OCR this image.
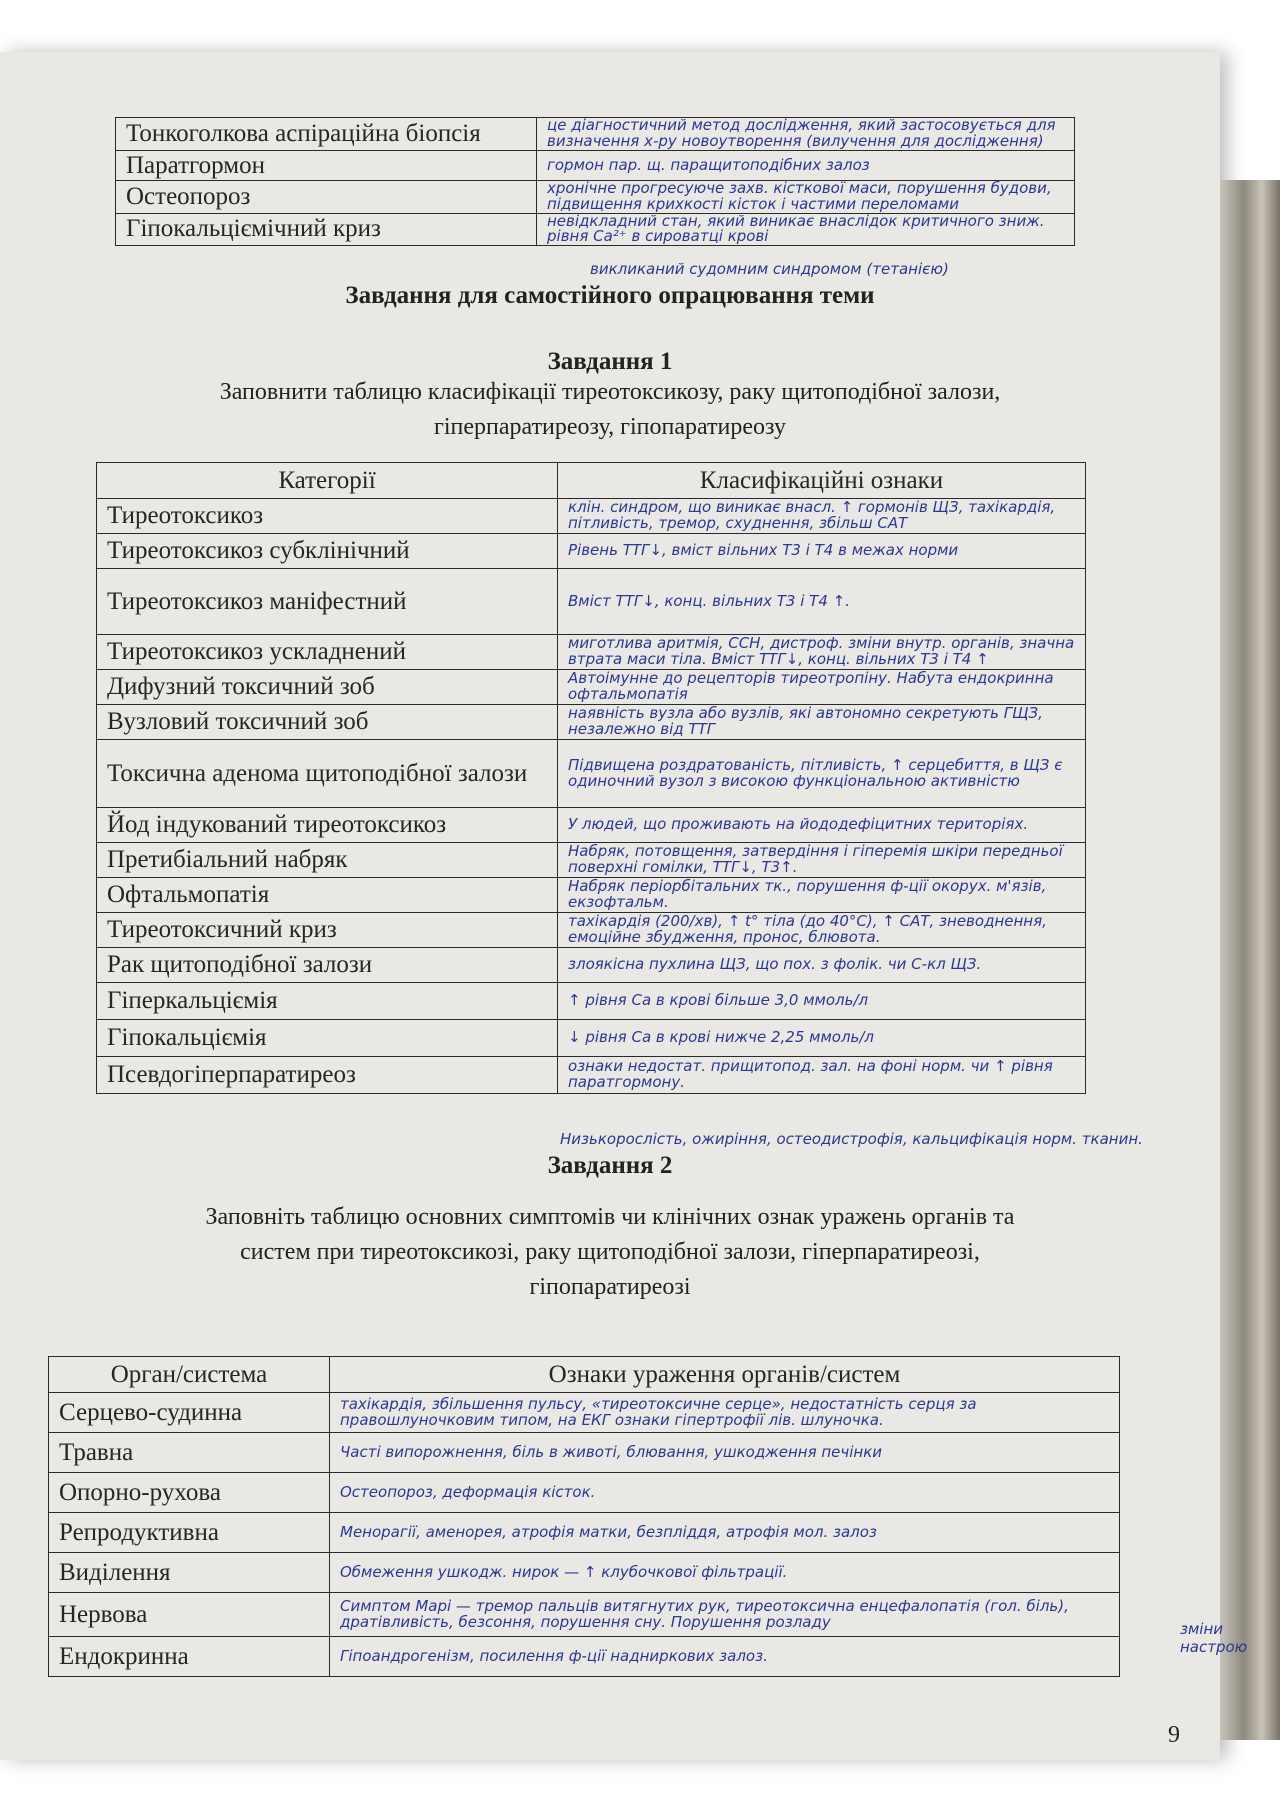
Тонкоголкова аспіраційна біопсія	це діагностичний метод дослідження, який застосовується для визначення х-ру новоутворення (вилучення для дослідження)
Паратгормон	гормон пар. щ. паращитоподібних залоз
Остеопороз	хронічне прогресуюче захв. кісткової маси, порушення будови, підвищення крихкості кісток і частими переломами
Гіпокальціємічний криз	невідкладний стан, який виникає внаслідок критичного зниж. рівня Ca²⁺ в сироватці крові
викликаний судомним синдромом (тетанією)
Завдання для самостійного опрацювання теми
Завдання 1
Заповнити таблицю класифікації тиреотоксикозу, раку щитоподібної залози,
гіперпаратиреозу, гіпопаратиреозу
Категорії	Класифікаційні ознаки
Тиреотоксикоз	клін. синдром, що виникає внасл. ↑ гормонів ЩЗ, тахікардія, пітливість, тремор, схуднення, збільш САТ
Тиреотоксикоз субклінічний	Рівень ТТГ↓, вміст вільних Т3 і Т4 в межах норми
Тиреотоксикоз маніфестний	Вміст ТТГ↓, конц. вільних Т3 і Т4 ↑.
Тиреотоксикоз ускладнений	миготлива аритмія, ССН, дистроф. зміни внутр. органів, значна втрата маси тіла. Вміст ТТГ↓, конц. вільних Т3 і Т4 ↑
Дифузний токсичний зоб	Автоімунне до рецепторів тиреотропіну. Набута ендокринна офтальмопатія
Вузловий токсичний зоб	наявність вузла або вузлів, які автономно секретують ГЩЗ, незалежно від ТТГ
Токсична аденома щитоподібної залози	Підвищена роздратованість, пітливість, ↑ серцебиття, в ЩЗ є одиночний вузол з високою функціональною активністю
Йод індукований тиреотоксикоз	У людей, що проживають на йододефіцитних територіях.
Претибіальний набряк	Набряк, потовщення, затвердіння і гіперемія шкіри передньої поверхні гомілки, ТТГ↓, Т3↑.
Офтальмопатія	Набряк періорбітальних тк., порушення ф-ції окорух. м'язів, екзофтальм.
Тиреотоксичний криз	тахікардія (200/хв), ↑ t° тіла (до 40°С), ↑ САТ, зневоднення, емоційне збудження, пронос, блювота.
Рак щитоподібної залози	злоякісна пухлина ЩЗ, що пох. з фолік. чи С-кл ЩЗ.
Гіперкальціємія	↑ рівня Са в крові більше 3,0 ммоль/л
Гіпокальціємія	↓ рівня Са в крові нижче 2,25 ммоль/л
Псевдогіперпаратиреоз	ознаки недостат. прищитопод. зал. на фоні норм. чи ↑ рівня паратгормону.
Низькорослість, ожиріння, остеодистрофія, кальцифікація норм. тканин.
Завдання 2
Заповніть таблицю основних симптомів чи клінічних ознак уражень органів та
систем при тиреотоксикозі, раку щитоподібної залози, гіперпаратиреозі,
гіпопаратиреозі
Орган/система	Ознаки ураження органів/систем
Серцево-судинна	тахікардія, збільшення пульсу, «тиреотоксичне серце», недостатність серця за правошлуночковим типом, на ЕКГ ознаки гіпертрофії лів. шлуночка.
Травна	Часті випорожнення, біль в животі, блювання, ушкодження печінки
Опорно-рухова	Остеопороз, деформація кісток.
Репродуктивна	Менорагії, аменорея, атрофія матки, безпліддя, атрофія мол. залоз
Виділення	Обмеження ушкодж. нирок — ↑ клубочкової фільтрації.
Нервова	Симптом Марі — тремор пальців витягнутих рук, тиреотоксична енцефалопатія (гол. біль), дратівливість, безсоння, порушення сну. Порушення розладу
Ендокринна	Гіпоандрогенізм, посилення ф-ції надниркових залоз.
зміни настрою
9
